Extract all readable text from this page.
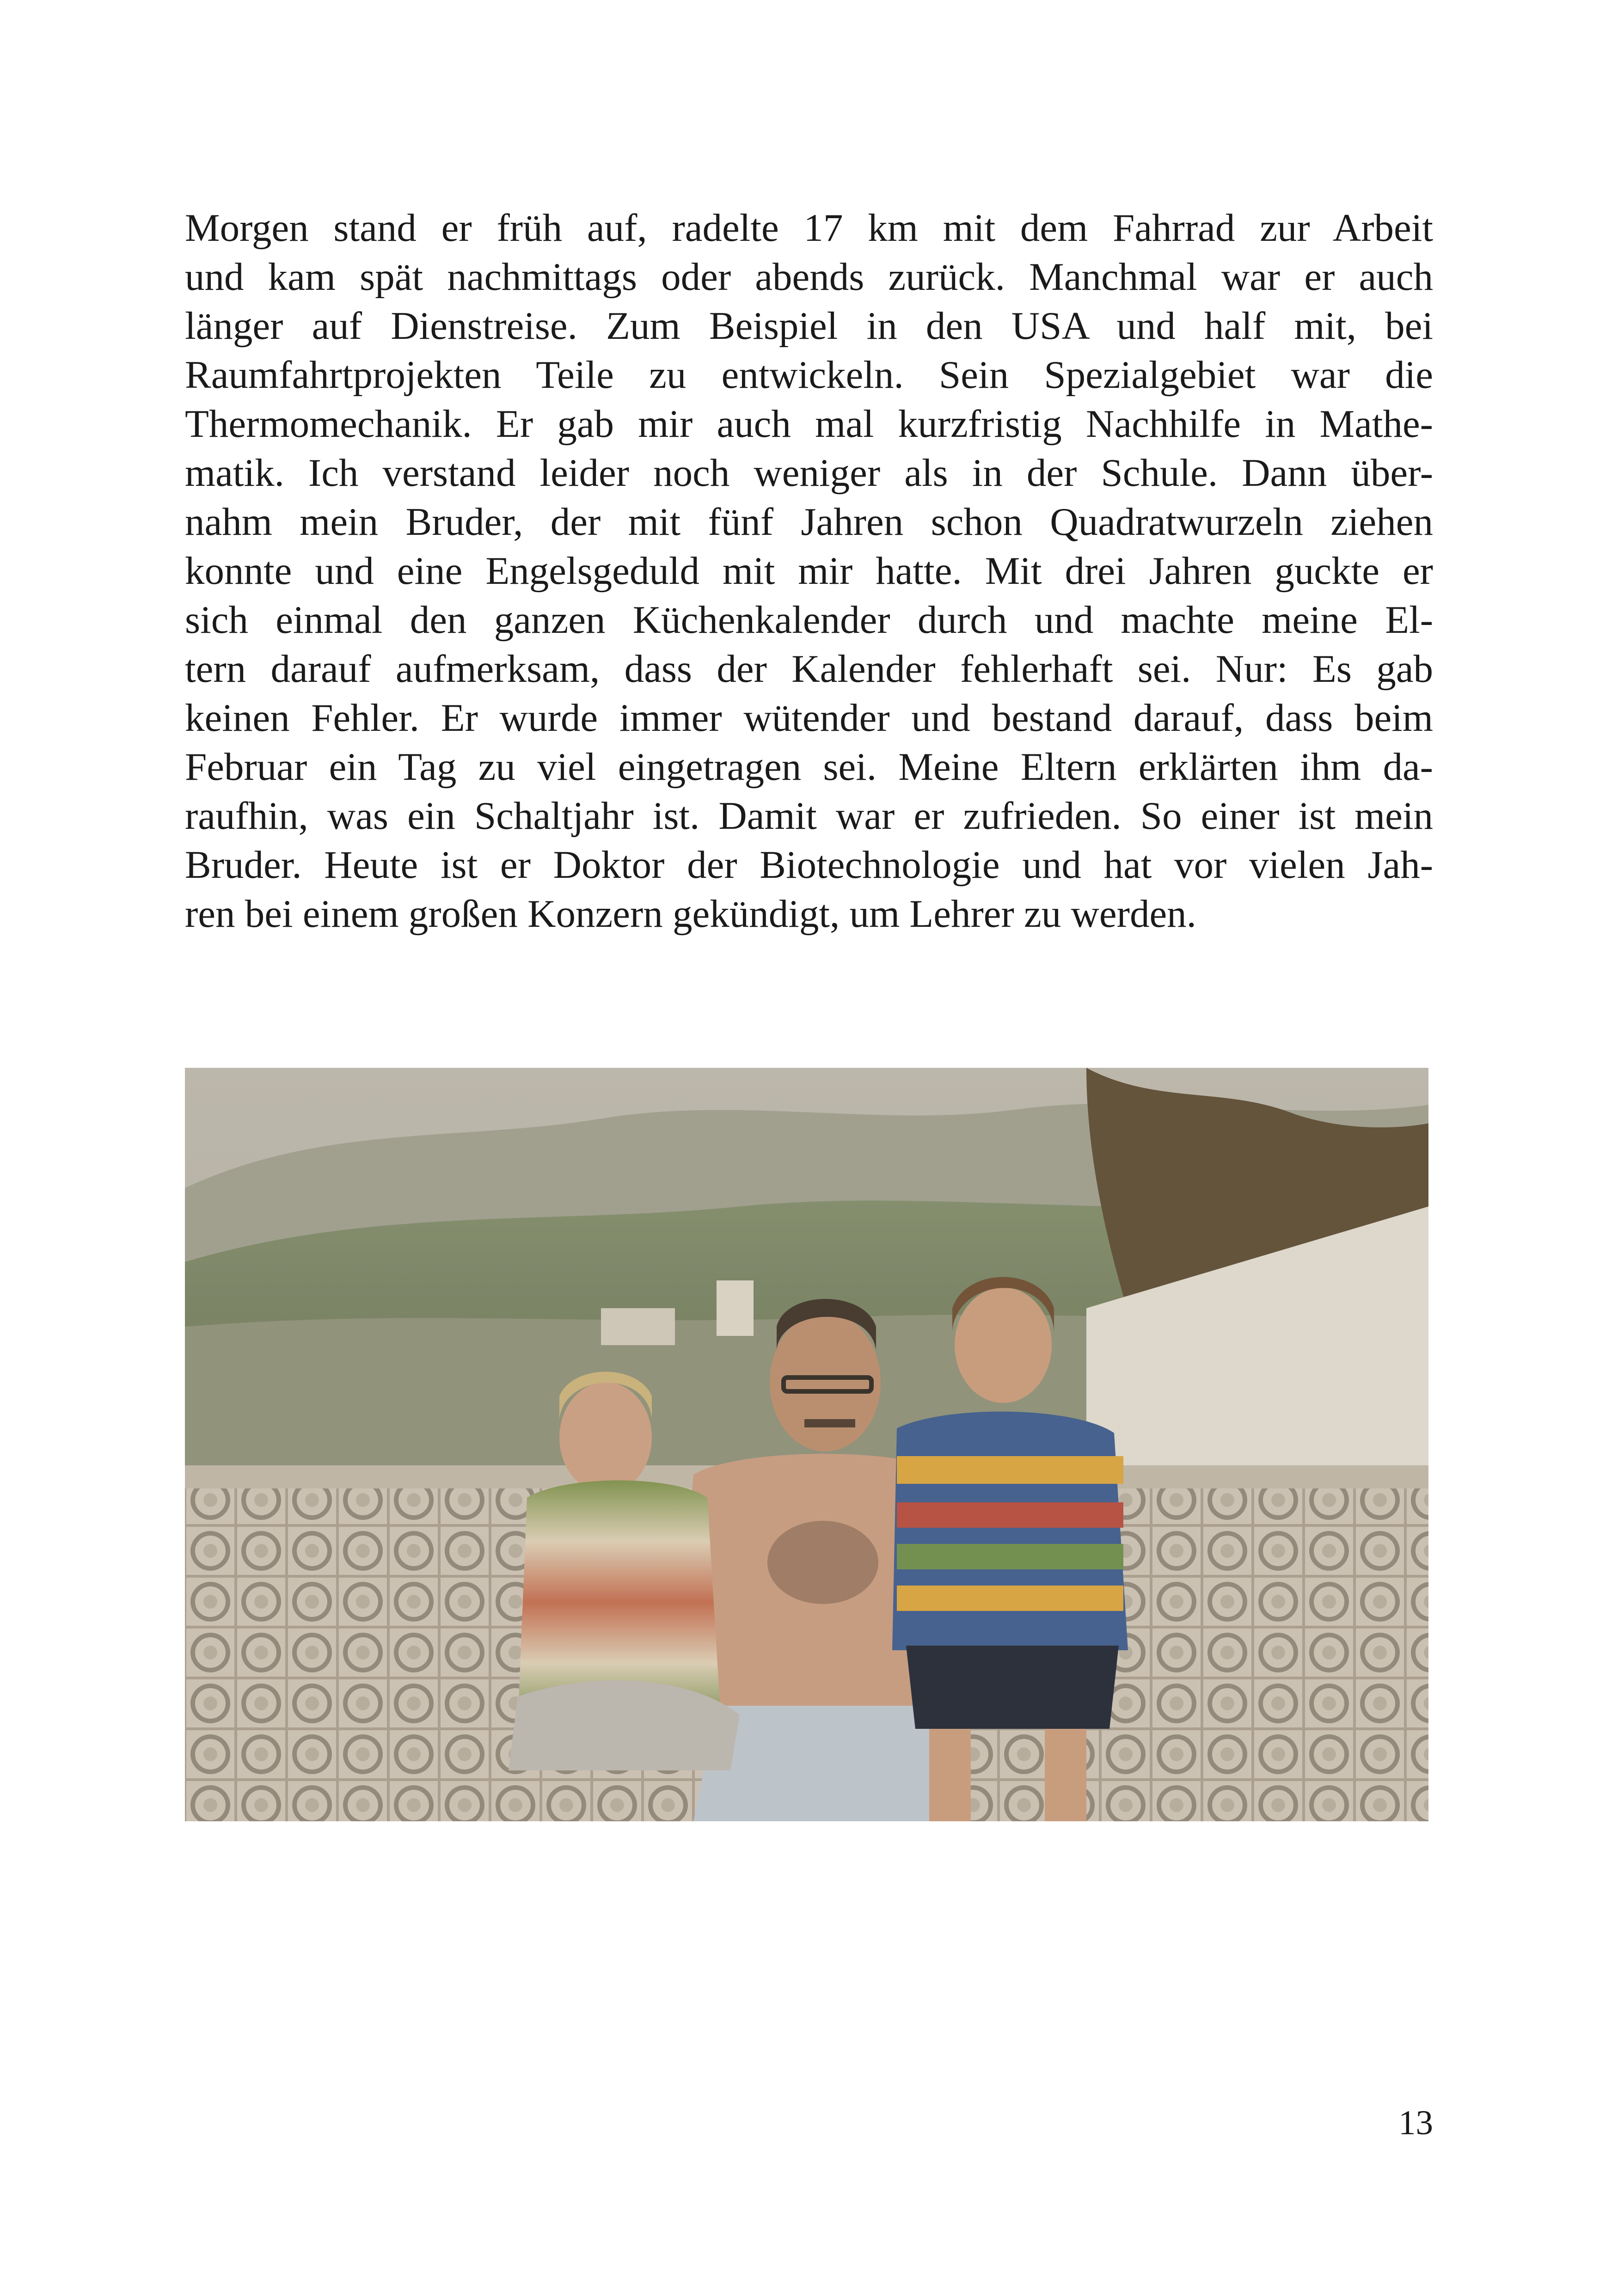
Morgen stand er früh auf, radelte 17 km mit dem Fahrrad zur Arbeit
und kam spät nachmittags oder abends zurück. Manchmal war er auch
länger auf Dienstreise. Zum Beispiel in den USA und half mit, bei
Raumfahrtprojekten Teile zu entwickeln. Sein Spezialgebiet war die
Thermomechanik. Er gab mir auch mal kurzfristig Nachhilfe in Mathe-
matik. Ich verstand leider noch weniger als in der Schule. Dann über-
nahm mein Bruder, der mit fünf Jahren schon Quadratwurzeln ziehen
konnte und eine Engelsgeduld mit mir hatte. Mit drei Jahren guckte er
sich einmal den ganzen Küchenkalender durch und machte meine El-
tern darauf aufmerksam, dass der Kalender fehlerhaft sei. Nur: Es gab
keinen Fehler. Er wurde immer wütender und bestand darauf, dass beim
Februar ein Tag zu viel eingetragen sei. Meine Eltern erklärten ihm da-
raufhin, was ein Schaltjahr ist. Damit war er zufrieden. So einer ist mein
Bruder. Heute ist er Doktor der Biotechnologie und hat vor vielen Jah-
ren bei einem großen Konzern gekündigt, um Lehrer zu werden.

13
